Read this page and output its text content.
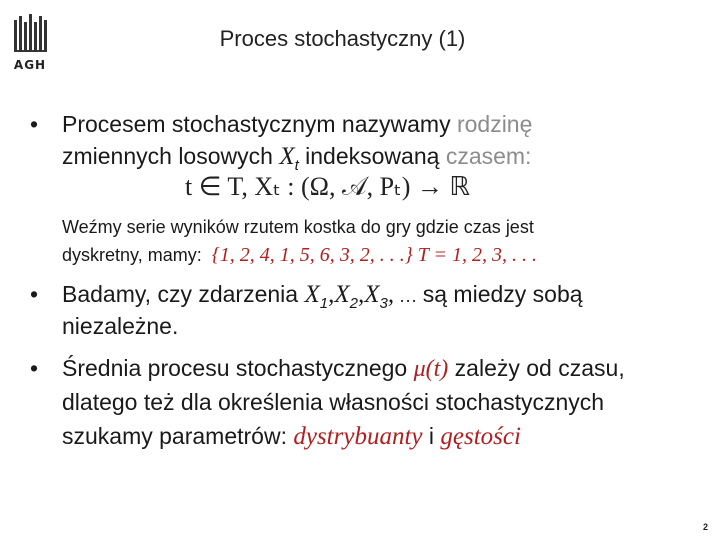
AGH
Proces stochastyczny (1)
•	Procesem stochastycznym nazywamy rodzinę
zmiennych losowych $X_t$ indeksowaną czasem:
t ∈ T, Xₜ : (Ω, 𝒜, Pₜ) → ℝ
Weźmy serie wyników rzutem kostka do gry gdzie czas jest
dyskretny, mamy: {1, 2, 4, 1, 5, 6, 3, 2, . . .} T = 1, 2, 3, . . .
•	Badamy, czy zdarzenia $X_1,X_2,X_3$, … są miedzy sobą
niezależne.
•	Średnia procesu stochastycznego μ(t) zależy od czasu,
dlatego też dla określenia własności stochastycznych
szukamy parametrów: dystrybuanty i gęstości
2
